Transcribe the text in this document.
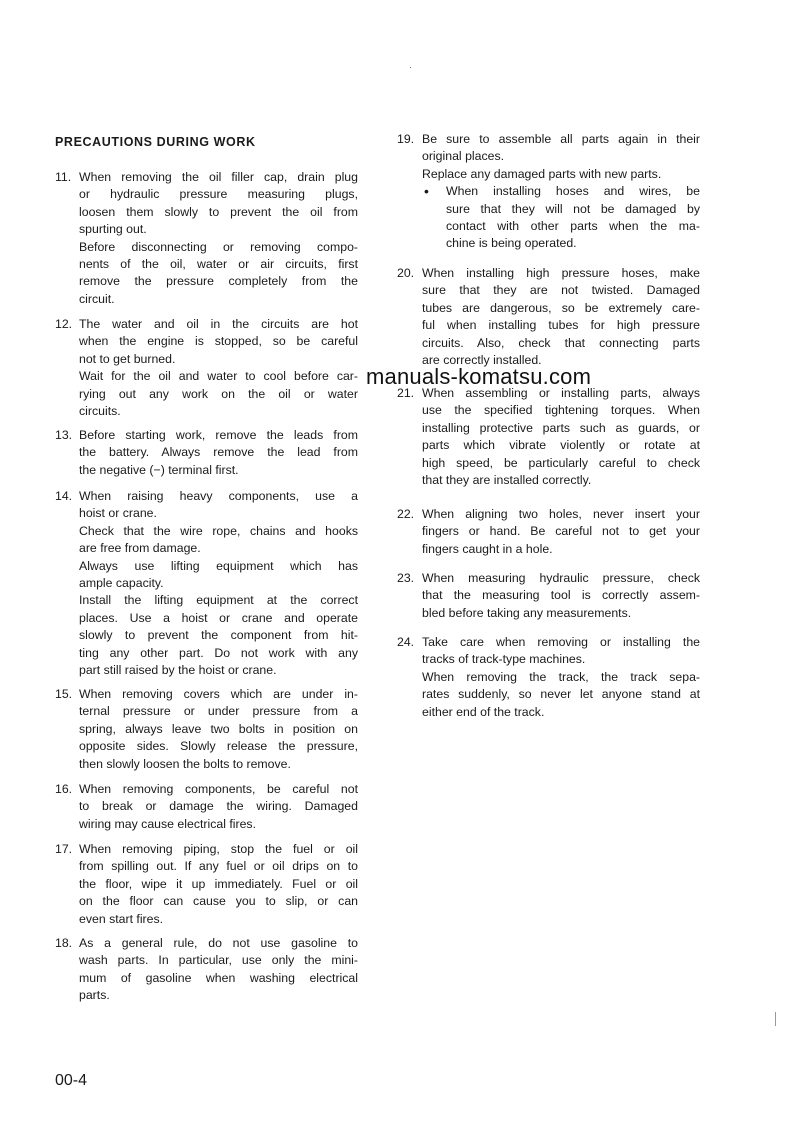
PRECAUTIONS DURING WORK
11. When removing the oil filler cap, drain plug
or hydraulic pressure measuring plugs,
loosen them slowly to prevent the oil from
spurting out.
Before disconnecting or removing compo-
nents of the oil, water or air circuits, first
remove the pressure completely from the
circuit.
12. The water and oil in the circuits are hot
when the engine is stopped, so be careful
not to get burned.
Wait for the oil and water to cool before car-
rying out any work on the oil or water
circuits.
13. Before starting work, remove the leads from
the battery. Always remove the lead from
the negative (−) terminal first.
14. When raising heavy components, use a
hoist or crane.
Check that the wire rope, chains and hooks
are free from damage.
Always use lifting equipment which has
ample capacity.
Install the lifting equipment at the correct
places. Use a hoist or crane and operate
slowly to prevent the component from hit-
ting any other part. Do not work with any
part still raised by the hoist or crane.
15. When removing covers which are under in-
ternal pressure or under pressure from a
spring, always leave two bolts in position on
opposite sides. Slowly release the pressure,
then slowly loosen the bolts to remove.
16. When removing components, be careful not
to break or damage the wiring. Damaged
wiring may cause electrical fires.
17. When removing piping, stop the fuel or oil
from spilling out. If any fuel or oil drips on to
the floor, wipe it up immediately. Fuel or oil
on the floor can cause you to slip, or can
even start fires.
18. As a general rule, do not use gasoline to
wash parts. In particular, use only the mini-
mum of gasoline when washing electrical
parts.
19. Be sure to assemble all parts again in their
original places.
Replace any damaged parts with new parts.
• When installing hoses and wires, be
sure that they will not be damaged by
contact with other parts when the ma-
chine is being operated.
20. When installing high pressure hoses, make
sure that they are not twisted. Damaged
tubes are dangerous, so be extremely care-
ful when installing tubes for high pressure
circuits. Also, check that connecting parts
are correctly installed.
21. When assembling or installing parts, always
use the specified tightening torques. When
installing protective parts such as guards, or
parts which vibrate violently or rotate at
high speed, be particularly careful to check
that they are installed correctly.
22. When aligning two holes, never insert your
fingers or hand. Be careful not to get your
fingers caught in a hole.
23. When measuring hydraulic pressure, check
that the measuring tool is correctly assem-
bled before taking any measurements.
24. Take care when removing or installing the
tracks of track-type machines.
When removing the track, the track sepa-
rates suddenly, so never let anyone stand at
either end of the track.
manuals-komatsu.com
00-4
